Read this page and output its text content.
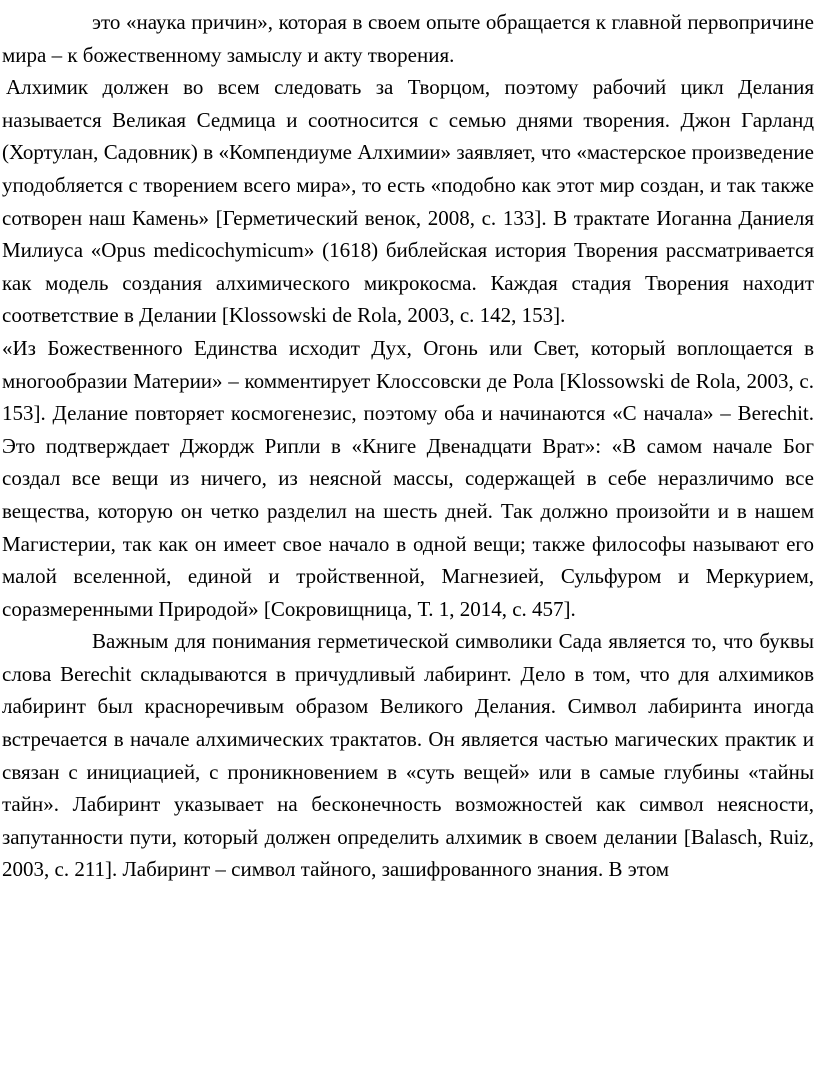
это «наука причин», которая в своем опыте обращается к главной первопричине мира – к божественному замыслу и акту творения.

Алхимик должен во всем следовать за Творцом, поэтому рабочий цикл Делания называется Великая Седмица и соотносится с семью днями творения. Джон Гарланд (Хортулан, Садовник) в «Компендиуме Алхимии» заявляет, что «мастерское произведение уподобляется с творением всего мира», то есть «подобно как этот мир создан, и так также сотворен наш Камень» [Герметический венок, 2008, с. 133]. В трактате Иоганна Даниеля Милиуса «Opus medicochymicum» (1618) библейская история Творения рассматривается как модель создания алхимического микрокосма. Каждая стадия Творения находит соответствие в Делании [Klossowski de Rola, 2003, с. 142, 153].

«Из Божественного Единства исходит Дух, Огонь или Свет, который воплощается в многообразии Материи» – комментирует Клоссовски де Рола [Klossowski de Rola, 2003, с. 153]. Делание повторяет космогенезис, поэтому оба и начинаются «С начала» – Berechit. Это подтверждает Джордж Рипли в «Книге Двенадцати Врат»: «В самом начале Бог создал все вещи из ничего, из неясной массы, содержащей в себе неразличимо все вещества, которую он четко разделил на шесть дней. Так должно произойти и в нашем Магистерии, так как он имеет свое начало в одной вещи; также философы называют его малой вселенной, единой и тройственной, Магнезией, Сульфуром и Меркурием, соразмеренными Природой» [Сокровищница, Т. 1, 2014, с. 457].

Важным для понимания герметической символики Сада является то, что буквы слова Berechit складываются в причудливый лабиринт. Дело в том, что для алхимиков лабиринт был красноречивым образом Великого Делания. Символ лабиринта иногда встречается в начале алхимических трактатов. Он является частью магических практик и связан с инициацией, с проникновением в «суть вещей» или в самые глубины «тайны тайн». Лабиринт указывает на бесконечность возможностей как символ неясности, запутанности пути, который должен определить алхимик в своем делании [Balasch, Ruiz, 2003, с. 211]. Лабиринт – символ тайного, зашифрованного знания. В этом
